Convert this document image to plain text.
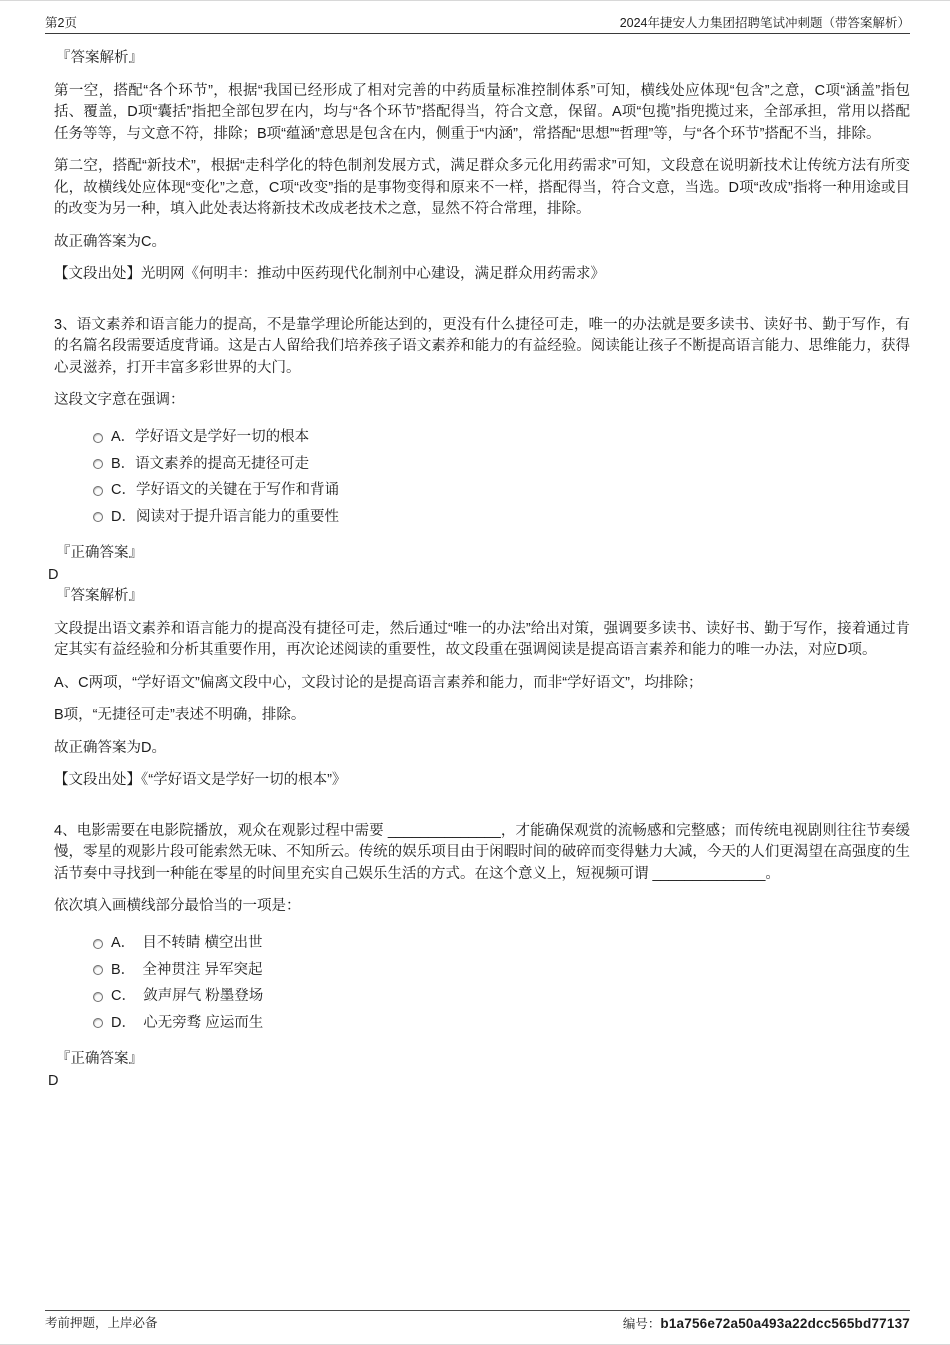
第2页	2024年捷安人力集团招聘笔试冲刺题（带答案解析）
『答案解析』
第一空，搭配“各个环节”，根据“我国已经形成了相对完善的中药质量标准控制体系”可知，横线处应体现“包含”之意，C项“涵盖”指包括、覆盖，D项“囊括”指把全部包罗在内，均与“各个环节”搭配得当，符合文意，保留。A项“包揽”指兜揽过来，全部承担，常用以搭配任务等等，与文意不符，排除；B项“蕴涵”意思是包含在内，侧重于“内涵”，常搭配“思想”“哲理”等，与“各个环节”搭配不当，排除。
第二空，搭配“新技术”，根据“走科学化的特色制剂发展方式，满足群众多元化用药需求”可知，文段意在说明新技术让传统方法有所变化，故横线处应体现“变化”之意，C项“改变”指的是事物变得和原来不一样，搭配得当，符合文意，当选。D项“改成”指将一种用途或目的改变为另一种，填入此处表达将新技术改成老技术之意，显然不符合常理，排除。
故正确答案为C。
【文段出处】光明网《何明丰：推动中医药现代化制剂中心建设，满足群众用药需求》
3、语文素养和语言能力的提高，不是靠学理论所能达到的，更没有什么捷径可走，唯一的办法就是要多读书、读好书、勤于写作，有的名篇名段需要适度背诵。这是古人留给我们培养孩子语文素养和能力的有益经验。阅读能让孩子不断提高语言能力、思维能力，获得心灵滋养，打开丰富多彩世界的大门。
这段文字意在强调：
A．学好语文是学好一切的根本
B．语文素养的提高无捷径可走
C．学好语文的关键在于写作和背诵
D．阅读对于提升语言能力的重要性
『正确答案』
D
『答案解析』
文段提出语文素养和语言能力的提高没有捷径可走，然后通过“唯一的办法”给出对策，强调要多读书、读好书、勤于写作，接着通过肯定其实有益经验和分析其重要作用，再次论述阅读的重要性，故文段重在强调阅读是提高语言素养和能力的唯一办法，对应D项。
A、C两项，“学好语文”偏离文段中心，文段讨论的是提高语言素养和能力，而非“学好语文”，均排除；
B项，“无捷径可走”表述不明确，排除。
故正确答案为D。
【文段出处】《“学好语文是学好一切的根本”》
4、电影需要在电影院播放，观众在观影过程中需要 ______________，才能确保观赏的流畅感和完整感；而传统电视剧则往往节奏缓慢，零星的观影片段可能索然无味、不知所云。传统的娱乐项目由于闲暇时间的破碎而变得魅力大减，今天的人们更渴望在高强度的生活节奏中寻找到一种能在零星的时间里充实自己娱乐生活的方式。在这个意义上，短视频可谓 ______________。
依次填入画横线部分最恰当的一项是：
A．　目不转睛 横空出世
B．　全神贯注 异军突起
C．　敛声屏气 粉墨登场
D．　心无旁骛 应运而生
『正确答案』
D
考前押题，上岸必备	编号： b1a756e72a50a493a22dcc565bd77137
